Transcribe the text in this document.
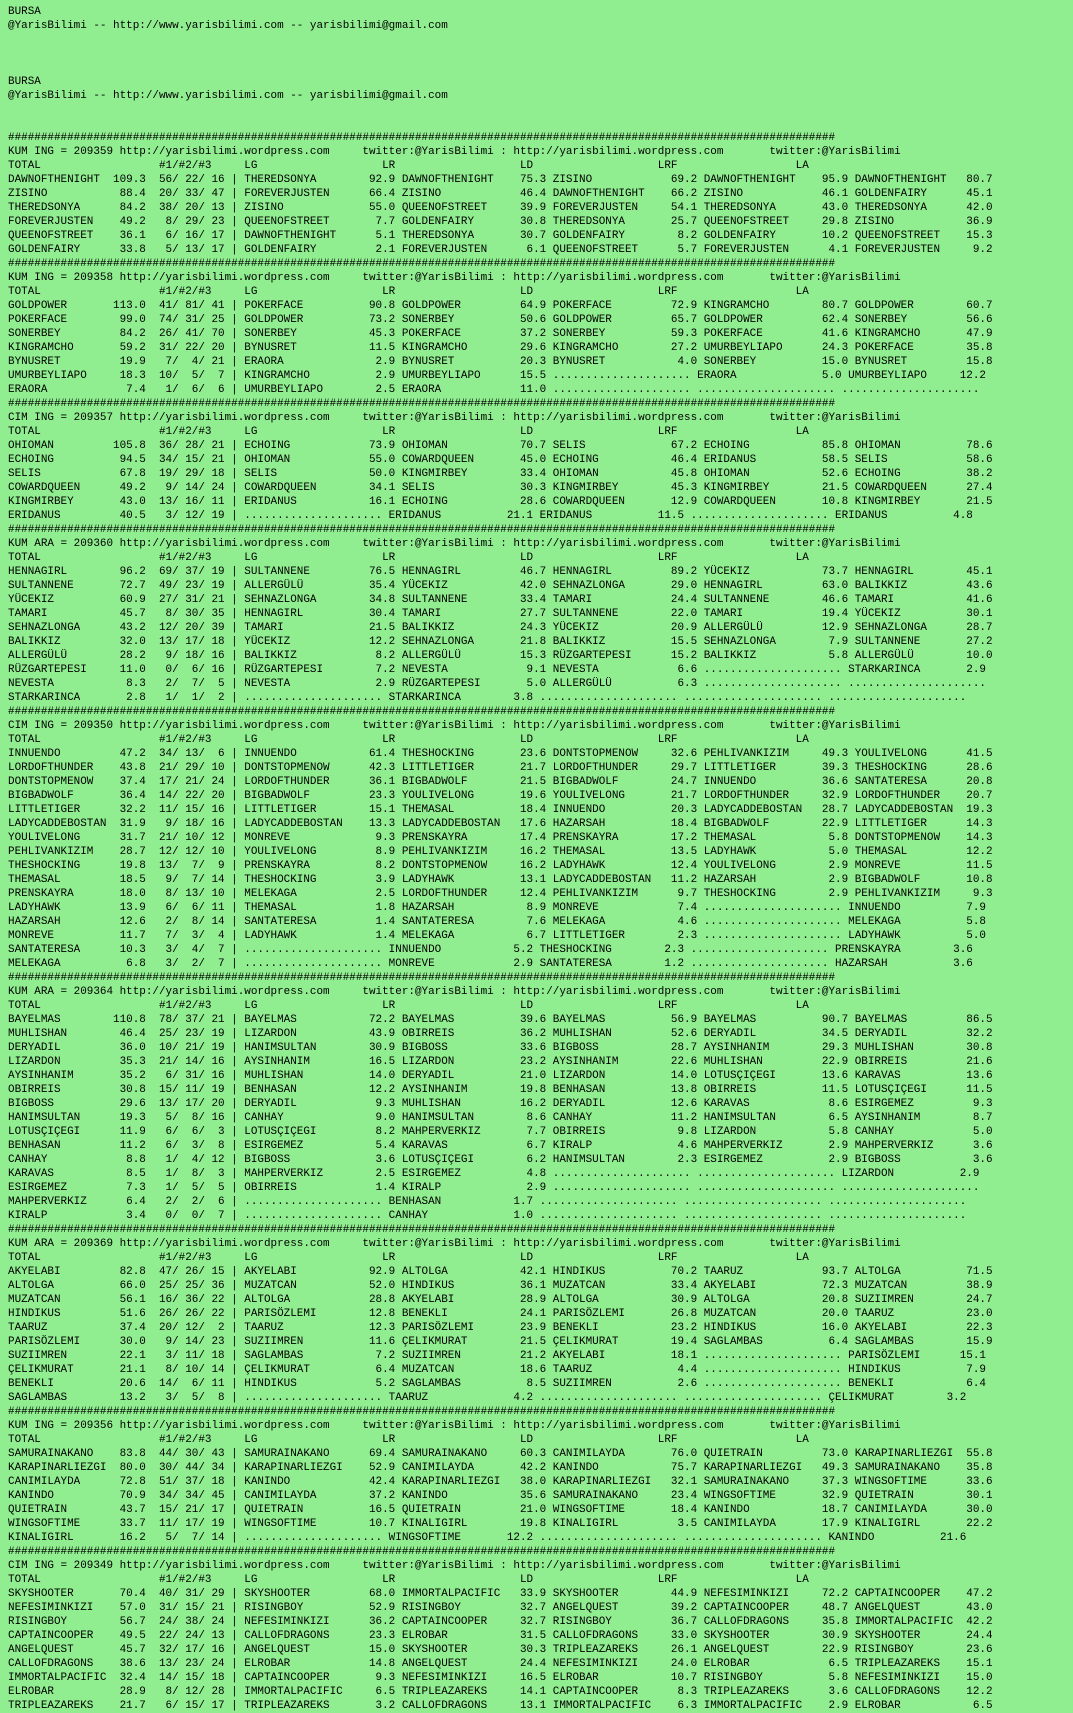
BURSA
@YarisBilimi -- http://www.yarisbilimi.com -- yarisbilimi@gmail.com
BURSA
@YarisBilimi -- http://www.yarisbilimi.com -- yarisbilimi@gmail.com
##############################################################################################################################
KUM ING = 209359 http://yarisbilimi.wordpress.com     twitter:@YarisBilimi : http://yarisbilimi.wordpress.com       twitter:@YarisBilimi
TOTAL                  #1/#2/#3     LG                   LR                   LD                   LRF                  LA
DAWNOFTHENIGHT  109.3  56/ 22/ 16 | THEREDSONYA        92.9 DAWNOFTHENIGHT    75.3 ZISINO            69.2 DAWNOFTHENIGHT    95.9 DAWNOFTHENIGHT   80.7
ZISINO           88.4  20/ 33/ 47 | FOREVERJUSTEN      66.4 ZISINO            46.4 DAWNOFTHENIGHT    66.2 ZISINO            46.1 GOLDENFAIRY      45.1
THEREDSONYA      84.2  38/ 20/ 13 | ZISINO             55.0 QUEENOFSTREET     39.9 FOREVERJUSTEN     54.1 THEREDSONYA       43.0 THEREDSONYA      42.0
FOREVERJUSTEN    49.2   8/ 29/ 23 | QUEENOFSTREET       7.7 GOLDENFAIRY       30.8 THEREDSONYA       25.7 QUEENOFSTREET     29.8 ZISINO           36.9
QUEENOFSTREET    36.1   6/ 16/ 17 | DAWNOFTHENIGHT      5.1 THEREDSONYA       30.7 GOLDENFAIRY        8.2 GOLDENFAIRY       10.2 QUEENOFSTREET    15.3
GOLDENFAIRY      33.8   5/ 13/ 17 | GOLDENFAIRY         2.1 FOREVERJUSTEN      6.1 QUEENOFSTREET      5.7 FOREVERJUSTEN      4.1 FOREVERJUSTEN     9.2
##############################################################################################################################
KUM ING = 209358 http://yarisbilimi.wordpress.com     twitter:@YarisBilimi : http://yarisbilimi.wordpress.com       twitter:@YarisBilimi
TOTAL                  #1/#2/#3     LG                   LR                   LD                   LRF                  LA
GOLDPOWER       113.0  41/ 81/ 41 | POKERFACE          90.8 GOLDPOWER         64.9 POKERFACE         72.9 KINGRAMCHO        80.7 GOLDPOWER        60.7
POKERFACE        99.0  74/ 31/ 25 | GOLDPOWER          73.2 SONERBEY          50.6 GOLDPOWER         65.7 GOLDPOWER         62.4 SONERBEY         56.6
SONERBEY         84.2  26/ 41/ 70 | SONERBEY           45.3 POKERFACE         37.2 SONERBEY          59.3 POKERFACE         41.6 KINGRAMCHO       47.9
KINGRAMCHO       59.2  31/ 22/ 20 | BYNUSRET           11.5 KINGRAMCHO        29.6 KINGRAMCHO        27.2 UMURBEYLIAPO      24.3 POKERFACE        35.8
BYNUSRET         19.9   7/  4/ 21 | ERAORA              2.9 BYNUSRET          20.3 BYNUSRET           4.0 SONERBEY          15.0 BYNUSRET         15.8
UMURBEYLIAPO     18.3  10/  5/  7 | KINGRAMCHO          2.9 UMURBEYLIAPO      15.5 ..................... ERAORA             5.0 UMURBEYLIAPO     12.2
ERAORA            7.4   1/  6/  6 | UMURBEYLIAPO        2.5 ERAORA            11.0 ..................... ..................... .....................
##############################################################################################################################
CIM ING = 209357 http://yarisbilimi.wordpress.com     twitter:@YarisBilimi : http://yarisbilimi.wordpress.com       twitter:@YarisBilimi
TOTAL                  #1/#2/#3     LG                   LR                   LD                   LRF                  LA
OHIOMAN         105.8  36/ 28/ 21 | ECHOING            73.9 OHIOMAN           70.7 SELIS             67.2 ECHOING           85.8 OHIOMAN          78.6
ECHOING          94.5  34/ 15/ 21 | OHIOMAN            55.0 COWARDQUEEN       45.0 ECHOING           46.4 ERIDANUS          58.5 SELIS            58.6
SELIS            67.8  19/ 29/ 18 | SELIS              50.0 KINGMIRBEY        33.4 OHIOMAN           45.8 OHIOMAN           52.6 ECHOING          38.2
COWARDQUEEN      49.2   9/ 14/ 24 | COWARDQUEEN        34.1 SELIS             30.3 KINGMIRBEY        45.3 KINGMIRBEY        21.5 COWARDQUEEN      27.4
KINGMIRBEY       43.0  13/ 16/ 11 | ERIDANUS           16.1 ECHOING           28.6 COWARDQUEEN       12.9 COWARDQUEEN       10.8 KINGMIRBEY       21.5
ERIDANUS         40.5   3/ 12/ 19 | ..................... ERIDANUS          21.1 ERIDANUS          11.5 ..................... ERIDANUS          4.8
##############################################################################################################################
KUM ARA = 209360 http://yarisbilimi.wordpress.com     twitter:@YarisBilimi : http://yarisbilimi.wordpress.com       twitter:@YarisBilimi
TOTAL                  #1/#2/#3     LG                   LR                   LD                   LRF                  LA
HENNAGIRL        96.2  69/ 37/ 19 | SULTANNENE         76.5 HENNAGIRL         46.7 HENNAGIRL         89.2 YÜCEKIZ           73.7 HENNAGIRL        45.1
SULTANNENE       72.7  49/ 23/ 19 | ALLERGÜLÜ          35.4 YÜCEKIZ           42.0 SEHNAZLONGA       29.0 HENNAGIRL         63.0 BALIKKIZ         43.6
YÜCEKIZ          60.9  27/ 31/ 21 | SEHNAZLONGA        34.8 SULTANNENE        33.4 TAMARI            24.4 SULTANNENE        46.6 TAMARI           41.6
TAMARI           45.7   8/ 30/ 35 | HENNAGIRL          30.4 TAMARI            27.7 SULTANNENE        22.0 TAMARI            19.4 YÜCEKIZ          30.1
SEHNAZLONGA      43.2  12/ 20/ 39 | TAMARI             21.5 BALIKKIZ          24.3 YÜCEKIZ           20.9 ALLERGÜLÜ         12.9 SEHNAZLONGA      28.7
BALIKKIZ         32.0  13/ 17/ 18 | YÜCEKIZ            12.2 SEHNAZLONGA       21.8 BALIKKIZ          15.5 SEHNAZLONGA        7.9 SULTANNENE       27.2
ALLERGÜLÜ        28.2   9/ 18/ 16 | BALIKKIZ            8.2 ALLERGÜLÜ         15.3 RÜZGARTEPESI      15.2 BALIKKIZ           5.8 ALLERGÜLÜ        10.0
RÜZGARTEPESI     11.0   0/  6/ 16 | RÜZGARTEPESI        7.2 NEVESTA            9.1 NEVESTA            6.6 ..................... STARKARINCA       2.9
NEVESTA           8.3   2/  7/  5 | NEVESTA             2.9 RÜZGARTEPESI       5.0 ALLERGÜLÜ          6.3 ..................... .....................
STARKARINCA       2.8   1/  1/  2 | ..................... STARKARINCA        3.8 ..................... ..................... .....................
##############################################################################################################################
CIM ING = 209350 http://yarisbilimi.wordpress.com     twitter:@YarisBilimi : http://yarisbilimi.wordpress.com       twitter:@YarisBilimi
TOTAL                  #1/#2/#3     LG                   LR                   LD                   LRF                  LA
INNUENDO         47.2  34/ 13/  6 | INNUENDO           61.4 THESHOCKING       23.6 DONTSTOPMENOW     32.6 PEHLIVANKIZIM     49.3 YOULIVELONG      41.5
LORDOFTHUNDER    43.8  21/ 29/ 10 | DONTSTOPMENOW      42.3 LITTLETIGER       21.7 LORDOFTHUNDER     29.7 LITTLETIGER       39.3 THESHOCKING      28.6
DONTSTOPMENOW    37.4  17/ 21/ 24 | LORDOFTHUNDER      36.1 BIGBADWOLF        21.5 BIGBADWOLF        24.7 INNUENDO          36.6 SANTATERESA      20.8
BIGBADWOLF       36.4  14/ 22/ 20 | BIGBADWOLF         23.3 YOULIVELONG       19.6 YOULIVELONG       21.7 LORDOFTHUNDER     32.9 LORDOFTHUNDER    20.7
LITTLETIGER      32.2  11/ 15/ 16 | LITTLETIGER        15.1 THEMASAL          18.4 INNUENDO          20.3 LADYCADDEBOSTAN   28.7 LADYCADDEBOSTAN  19.3
LADYCADDEBOSTAN  31.9   9/ 18/ 16 | LADYCADDEBOSTAN    13.3 LADYCADDEBOSTAN   17.6 HAZARSAH          18.4 BIGBADWOLF        22.9 LITTLETIGER      14.3
YOULIVELONG      31.7  21/ 10/ 12 | MONREVE             9.3 PRENSKAYRA        17.4 PRENSKAYRA        17.2 THEMASAL           5.8 DONTSTOPMENOW    14.3
PEHLIVANKIZIM    28.7  12/ 12/ 10 | YOULIVELONG         8.9 PEHLIVANKIZIM     16.2 THEMASAL          13.5 LADYHAWK           5.0 THEMASAL         12.2
THESHOCKING      19.8  13/  7/  9 | PRENSKAYRA          8.2 DONTSTOPMENOW     16.2 LADYHAWK          12.4 YOULIVELONG        2.9 MONREVE          11.5
THEMASAL         18.5   9/  7/ 14 | THESHOCKING         3.9 LADYHAWK          13.1 LADYCADDEBOSTAN   11.2 HAZARSAH           2.9 BIGBADWOLF       10.8
PRENSKAYRA       18.0   8/ 13/ 10 | MELEKAGA            2.5 LORDOFTHUNDER     12.4 PEHLIVANKIZIM      9.7 THESHOCKING        2.9 PEHLIVANKIZIM     9.3
LADYHAWK         13.9   6/  6/ 11 | THEMASAL            1.8 HAZARSAH           8.9 MONREVE            7.4 ..................... INNUENDO          7.9
HAZARSAH         12.6   2/  8/ 14 | SANTATERESA         1.4 SANTATERESA        7.6 MELEKAGA           4.6 ..................... MELEKAGA          5.8
MONREVE          11.7   7/  3/  4 | LADYHAWK            1.4 MELEKAGA           6.7 LITTLETIGER        2.3 ..................... LADYHAWK          5.0
SANTATERESA      10.3   3/  4/  7 | ..................... INNUENDO           5.2 THESHOCKING        2.3 ..................... PRENSKAYRA        3.6
MELEKAGA          6.8   3/  2/  7 | ..................... MONREVE            2.9 SANTATERESA        1.2 ..................... HAZARSAH          3.6
##############################################################################################################################
KUM ARA = 209364 http://yarisbilimi.wordpress.com     twitter:@YarisBilimi : http://yarisbilimi.wordpress.com       twitter:@YarisBilimi
TOTAL                  #1/#2/#3     LG                   LR                   LD                   LRF                  LA
BAYELMAS        110.8  78/ 37/ 21 | BAYELMAS           72.2 BAYELMAS          39.6 BAYELMAS          56.9 BAYELMAS          90.7 BAYELMAS         86.5
MUHLISHAN        46.4  25/ 23/ 19 | LIZARDON           43.9 OBIRREIS          36.2 MUHLISHAN         52.6 DERYADIL          34.5 DERYADIL         32.2
DERYADIL         36.0  10/ 21/ 19 | HANIMSULTAN        30.9 BIGBOSS           33.6 BIGBOSS           28.7 AYSINHANIM        29.3 MUHLISHAN        30.8
LIZARDON         35.3  21/ 14/ 16 | AYSINHANIM         16.5 LIZARDON          23.2 AYSINHANIM        22.6 MUHLISHAN         22.9 OBIRREIS         21.6
AYSINHANIM       35.2   6/ 31/ 16 | MUHLISHAN          14.0 DERYADIL          21.0 LIZARDON          14.0 LOTUSÇIÇEGI       13.6 KARAVAS          13.6
OBIRREIS         30.8  15/ 11/ 19 | BENHASAN           12.2 AYSINHANIM        19.8 BENHASAN          13.8 OBIRREIS          11.5 LOTUSÇIÇEGI      11.5
BIGBOSS          29.6  13/ 17/ 20 | DERYADIL            9.3 MUHLISHAN         16.2 DERYADIL          12.6 KARAVAS            8.6 ESIRGEMEZ         9.3
HANIMSULTAN      19.3   5/  8/ 16 | CANHAY              9.0 HANIMSULTAN        8.6 CANHAY            11.2 HANIMSULTAN        6.5 AYSINHANIM        8.7
LOTUSÇIÇEGI      11.9   6/  6/  3 | LOTUSÇIÇEGI         8.2 MAHPERVERKIZ       7.7 OBIRREIS           9.8 LIZARDON           5.8 CANHAY            5.0
BENHASAN         11.2   6/  3/  8 | ESIRGEMEZ           5.4 KARAVAS            6.7 KIRALP             4.6 MAHPERVERKIZ       2.9 MAHPERVERKIZ      3.6
CANHAY            8.8   1/  4/ 12 | BIGBOSS             3.6 LOTUSÇIÇEGI        6.2 HANIMSULTAN        2.3 ESIRGEMEZ          2.9 BIGBOSS           3.6
KARAVAS           8.5   1/  8/  3 | MAHPERVERKIZ        2.5 ESIRGEMEZ          4.8 ..................... ..................... LIZARDON          2.9
ESIRGEMEZ         7.3   1/  5/  5 | OBIRREIS            1.4 KIRALP             2.9 ..................... ..................... .....................
MAHPERVERKIZ      6.4   2/  2/  6 | ..................... BENHASAN           1.7 ..................... ..................... .....................
KIRALP            3.4   0/  0/  7 | ..................... CANHAY             1.0 ..................... ..................... .....................
##############################################################################################################################
KUM ARA = 209369 http://yarisbilimi.wordpress.com     twitter:@YarisBilimi : http://yarisbilimi.wordpress.com       twitter:@YarisBilimi
TOTAL                  #1/#2/#3     LG                   LR                   LD                   LRF                  LA
AKYELABI         82.8  47/ 26/ 15 | AKYELABI           92.9 ALTOLGA           42.1 HINDIKUS          70.2 TAARUZ            93.7 ALTOLGA          71.5
ALTOLGA          66.0  25/ 25/ 36 | MUZATCAN           52.0 HINDIKUS          36.1 MUZATCAN          33.4 AKYELABI          72.3 MUZATCAN         38.9
MUZATCAN         56.1  16/ 36/ 22 | ALTOLGA            28.8 AKYELABI          28.9 ALTOLGA           30.9 ALTOLGA           20.8 SUZIIMREN        24.7
HINDIKUS         51.6  26/ 26/ 22 | PARISÖZLEMI        12.8 BENEKLI           24.1 PARISÖZLEMI       26.8 MUZATCAN          20.0 TAARUZ           23.0
TAARUZ           37.4  20/ 12/  2 | TAARUZ             12.3 PARISÖZLEMI       23.9 BENEKLI           23.2 HINDIKUS          16.0 AKYELABI         22.3
PARISÖZLEMI      30.0   9/ 14/ 23 | SUZIIMREN          11.6 ÇELIKMURAT        21.5 ÇELIKMURAT        19.4 SAGLAMBAS          6.4 SAGLAMBAS        15.9
SUZIIMREN        22.1   3/ 11/ 18 | SAGLAMBAS           7.2 SUZIIMREN         21.2 AKYELABI          18.1 ..................... PARISÖZLEMI      15.1
ÇELIKMURAT       21.1   8/ 10/ 14 | ÇELIKMURAT          6.4 MUZATCAN          18.6 TAARUZ             4.4 ..................... HINDIKUS          7.9
BENEKLI          20.6  14/  6/ 11 | HINDIKUS            5.2 SAGLAMBAS          8.5 SUZIIMREN          2.6 ..................... BENEKLI           6.4
SAGLAMBAS        13.2   3/  5/  8 | ..................... TAARUZ             4.2 ..................... ..................... ÇELIKMURAT        3.2
##############################################################################################################################
KUM ING = 209356 http://yarisbilimi.wordpress.com     twitter:@YarisBilimi : http://yarisbilimi.wordpress.com       twitter:@YarisBilimi
TOTAL                  #1/#2/#3     LG                   LR                   LD                   LRF                  LA
SAMURAINAKANO    83.8  44/ 30/ 43 | SAMURAINAKANO      69.4 SAMURAINAKANO     60.3 CANIMILAYDA       76.0 QUIETRAIN         73.0 KARAPINARLIEZGI  55.8
KARAPINARLIEZGI  80.0  30/ 44/ 34 | KARAPINARLIEZGI    52.9 CANIMILAYDA       42.2 KANINDO           75.7 KARAPINARLIEZGI   49.3 SAMURAINAKANO    35.8
CANIMILAYDA      72.8  51/ 37/ 18 | KANINDO            42.4 KARAPINARLIEZGI   38.0 KARAPINARLIEZGI   32.1 SAMURAINAKANO     37.3 WINGSOFTIME      33.6
KANINDO          70.9  34/ 34/ 45 | CANIMILAYDA        37.2 KANINDO           35.6 SAMURAINAKANO     23.4 WINGSOFTIME       32.9 QUIETRAIN        30.1
QUIETRAIN        43.7  15/ 21/ 17 | QUIETRAIN          16.5 QUIETRAIN         21.0 WINGSOFTIME       18.4 KANINDO           18.7 CANIMILAYDA      30.0
WINGSOFTIME      33.7  11/ 17/ 19 | WINGSOFTIME        10.7 KINALIGIRL        19.8 KINALIGIRL         3.5 CANIMILAYDA       17.9 KINALIGIRL       22.2
KINALIGIRL       16.2   5/  7/ 14 | ..................... WINGSOFTIME       12.2 ..................... ..................... KANINDO          21.6
##############################################################################################################################
CIM ING = 209349 http://yarisbilimi.wordpress.com     twitter:@YarisBilimi : http://yarisbilimi.wordpress.com       twitter:@YarisBilimi
TOTAL                  #1/#2/#3     LG                   LR                   LD                   LRF                  LA
SKYSHOOTER       70.4  40/ 31/ 29 | SKYSHOOTER         68.0 IMMORTALPACIFIC   33.9 SKYSHOOTER        44.9 NEFESIMINKIZI     72.2 CAPTAINCOOPER    47.2
NEFESIMINKIZI    57.0  31/ 15/ 21 | RISINGBOY          52.9 RISINGBOY         32.7 ANGELQUEST        39.2 CAPTAINCOOPER     48.7 ANGELQUEST       43.0
RISINGBOY        56.7  24/ 38/ 24 | NEFESIMINKIZI      36.2 CAPTAINCOOPER     32.7 RISINGBOY         36.7 CALLOFDRAGONS     35.8 IMMORTALPACIFIC  42.2
CAPTAINCOOPER    49.5  22/ 24/ 13 | CALLOFDRAGONS      23.3 ELROBAR           31.5 CALLOFDRAGONS     33.0 SKYSHOOTER        30.9 SKYSHOOTER       24.4
ANGELQUEST       45.7  32/ 17/ 16 | ANGELQUEST         15.0 SKYSHOOTER        30.3 TRIPLEAZAREKS     26.1 ANGELQUEST        22.9 RISINGBOY        23.6
CALLOFDRAGONS    38.6  13/ 23/ 24 | ELROBAR            14.8 ANGELQUEST        24.4 NEFESIMINKIZI     24.0 ELROBAR            6.5 TRIPLEAZAREKS    15.1
IMMORTALPACIFIC  32.4  14/ 15/ 18 | CAPTAINCOOPER       9.3 NEFESIMINKIZI     16.5 ELROBAR           10.7 RISINGBOY          5.8 NEFESIMINKIZI    15.0
ELROBAR          28.9   8/ 12/ 28 | IMMORTALPACIFIC     6.5 TRIPLEAZAREKS     14.1 CAPTAINCOOPER      8.3 TRIPLEAZAREKS      3.6 CALLOFDRAGONS    12.2
TRIPLEAZAREKS    21.7   6/ 15/ 17 | TRIPLEAZAREKS       3.2 CALLOFDRAGONS     13.1 IMMORTALPACIFIC    6.3 IMMORTALPACIFIC    2.9 ELROBAR           6.5
